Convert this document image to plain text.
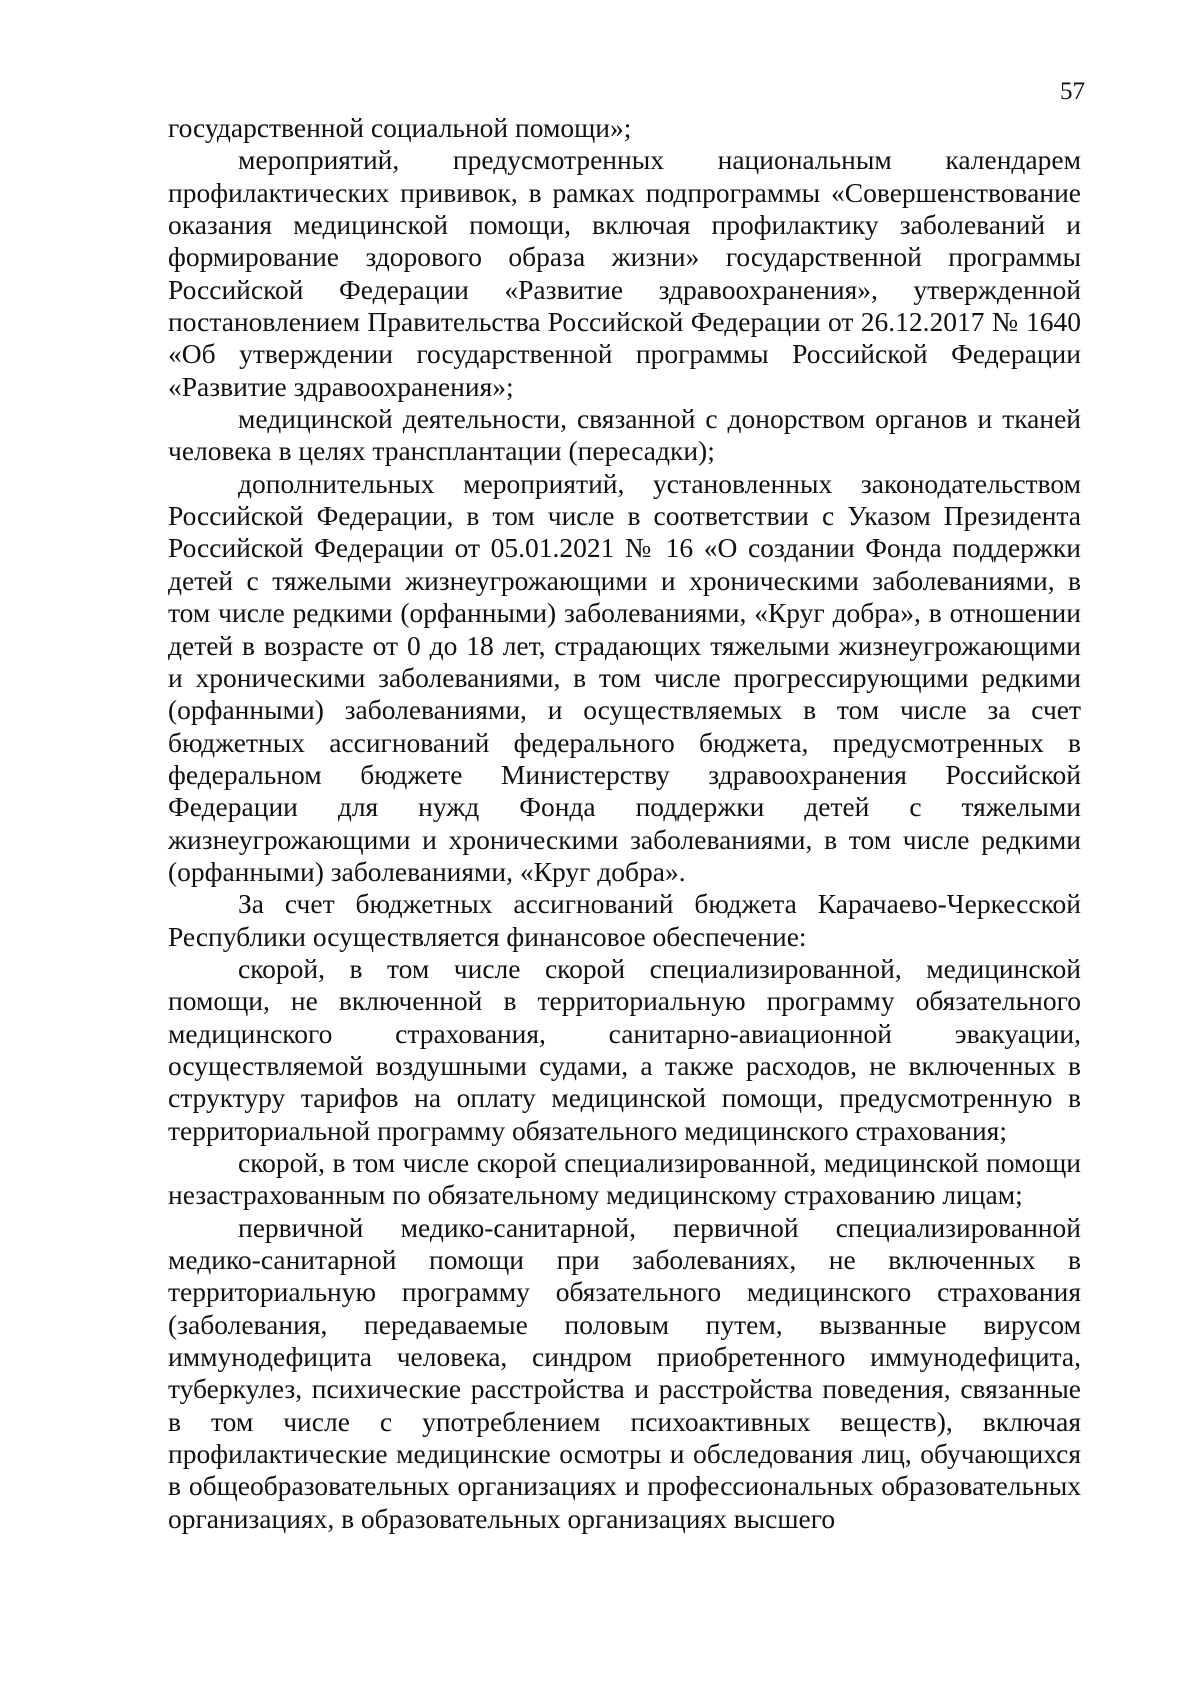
57

государственной социальной помощи»;

мероприятий, предусмотренных национальным календарем профилактических прививок, в рамках подпрограммы «Совершенствование оказания медицинской помощи, включая профилактику заболеваний и формирование здорового образа жизни» государственной программы Российской Федерации «Развитие здравоохранения», утвержденной постановлением Правительства Российской Федерации от 26.12.2017 № 1640 «Об утверждении государственной программы Российской Федерации «Развитие здравоохранения»;

медицинской деятельности, связанной с донорством органов и тканей человека в целях трансплантации (пересадки);

дополнительных мероприятий, установленных законодательством Российской Федерации, в том числе в соответствии с Указом Президента Российской Федерации от 05.01.2021 № 16 «О создании Фонда поддержки детей с тяжелыми жизнеугрожающими и хроническими заболеваниями, в том числе редкими (орфанными) заболеваниями, «Круг добра», в отношении детей в возрасте от 0 до 18 лет, страдающих тяжелыми жизнеугрожающими и хроническими заболеваниями, в том числе прогрессирующими редкими (орфанными) заболеваниями, и осуществляемых в том числе за счет бюджетных ассигнований федерального бюджета, предусмотренных в федеральном бюджете Министерству здравоохранения Российской Федерации для нужд Фонда поддержки детей с тяжелыми жизнеугрожающими и хроническими заболеваниями, в том числе редкими (орфанными) заболеваниями, «Круг добра».

За счет бюджетных ассигнований бюджета Карачаево-Черкесской Республики осуществляется финансовое обеспечение:

скорой, в том числе скорой специализированной, медицинской помощи, не включенной в территориальную программу обязательного медицинского страхования, санитарно-авиационной эвакуации, осуществляемой воздушными судами, а также расходов, не включенных в структуру тарифов на оплату медицинской помощи, предусмотренную в территориальной программу обязательного медицинского страхования;

скорой, в том числе скорой специализированной, медицинской помощи незастрахованным по обязательному медицинскому страхованию лицам;

первичной медико-санитарной, первичной специализированной медико-санитарной помощи при заболеваниях, не включенных в территориальную программу обязательного медицинского страхования (заболевания, передаваемые половым путем, вызванные вирусом иммунодефицита человека, синдром приобретенного иммунодефицита, туберкулез, психические расстройства и расстройства поведения, связанные в том числе с употреблением психоактивных веществ), включая профилактические медицинские осмотры и обследования лиц, обучающихся в общеобразовательных организациях и профессиональных образовательных организациях, в образовательных организациях высшего
